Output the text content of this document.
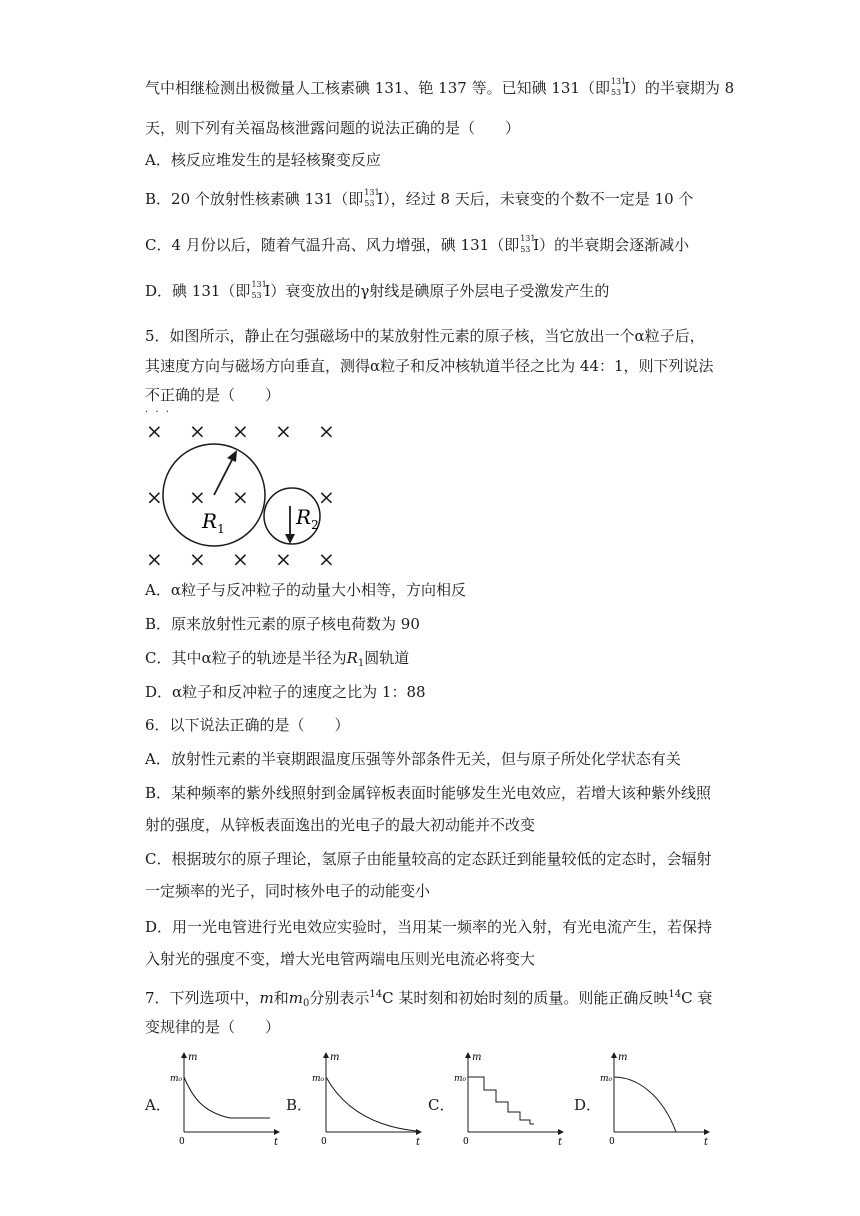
气中相继检测出极微量人工核素碘 131、铯 137 等。已知碘 131（即 131
53 I）的半衰期为 8
天，则下列有关福岛核泄露问题的说法正确的是（　　）
A．核反应堆发生的是轻核聚变反应
B．20 个放射性核素碘 131（即 131
53 I），经过 8 天后，未衰变的个数不一定是 10 个
C．4 月份以后，随着气温升高、风力增强，碘 131（即 131
53 I）的半衰期会逐渐减小
D．碘 131（即 131
53 I）衰变放出的γ射线是碘原子外层电子受激发产生的
5．如图所示，静止在匀强磁场中的某放射性元素的原子核，当它放出一个α粒子后，
其速度方向与磁场方向垂直，测得α粒子和反冲核轨道半径之比为 44：1，则下列说法
不正确
· · ·
的是（　　）
× × × × ×
× × ×	×
× × × × ×
$R_1$	$R_2$
A．α粒子与反冲粒子的动量大小相等，方向相反
B．原来放射性元素的原子核电荷数为 90
C．其中α粒子的轨迹是半径为$R_1$圆轨道
D．α粒子和反冲粒子的速度之比为 1：88
6．以下说法正确的是（　　）
A．放射性元素的半衰期跟温度压强等外部条件无关，但与原子所处化学状态有关
B．某种频率的紫外线照射到金属锌板表面时能够发生光电效应，若增大该种紫外线照
射的强度，从锌板表面逸出的光电子的最大初动能并不改变
C．根据玻尔的原子理论，氢原子由能量较高的定态跃迁到能量较低的定态时，会辐射
一定频率的光子，同时核外电子的动能变小
D．用一光电管进行光电效应实验时，当用某一频率的光入射，有光电流产生，若保持
入射光的强度不变，增大光电管两端电压则光电流必将变大
7．下列选项中，m和$m_0$分别表示$^{14}$C 某时刻和初始时刻的质量。则能正确反映$^{14}$C 衰
变规律的是（　　）
A．
m
m₀
0	t
B．
m
m₀
0	t
C．
m
m₀
0	t
D．
m
m₀
0	t
